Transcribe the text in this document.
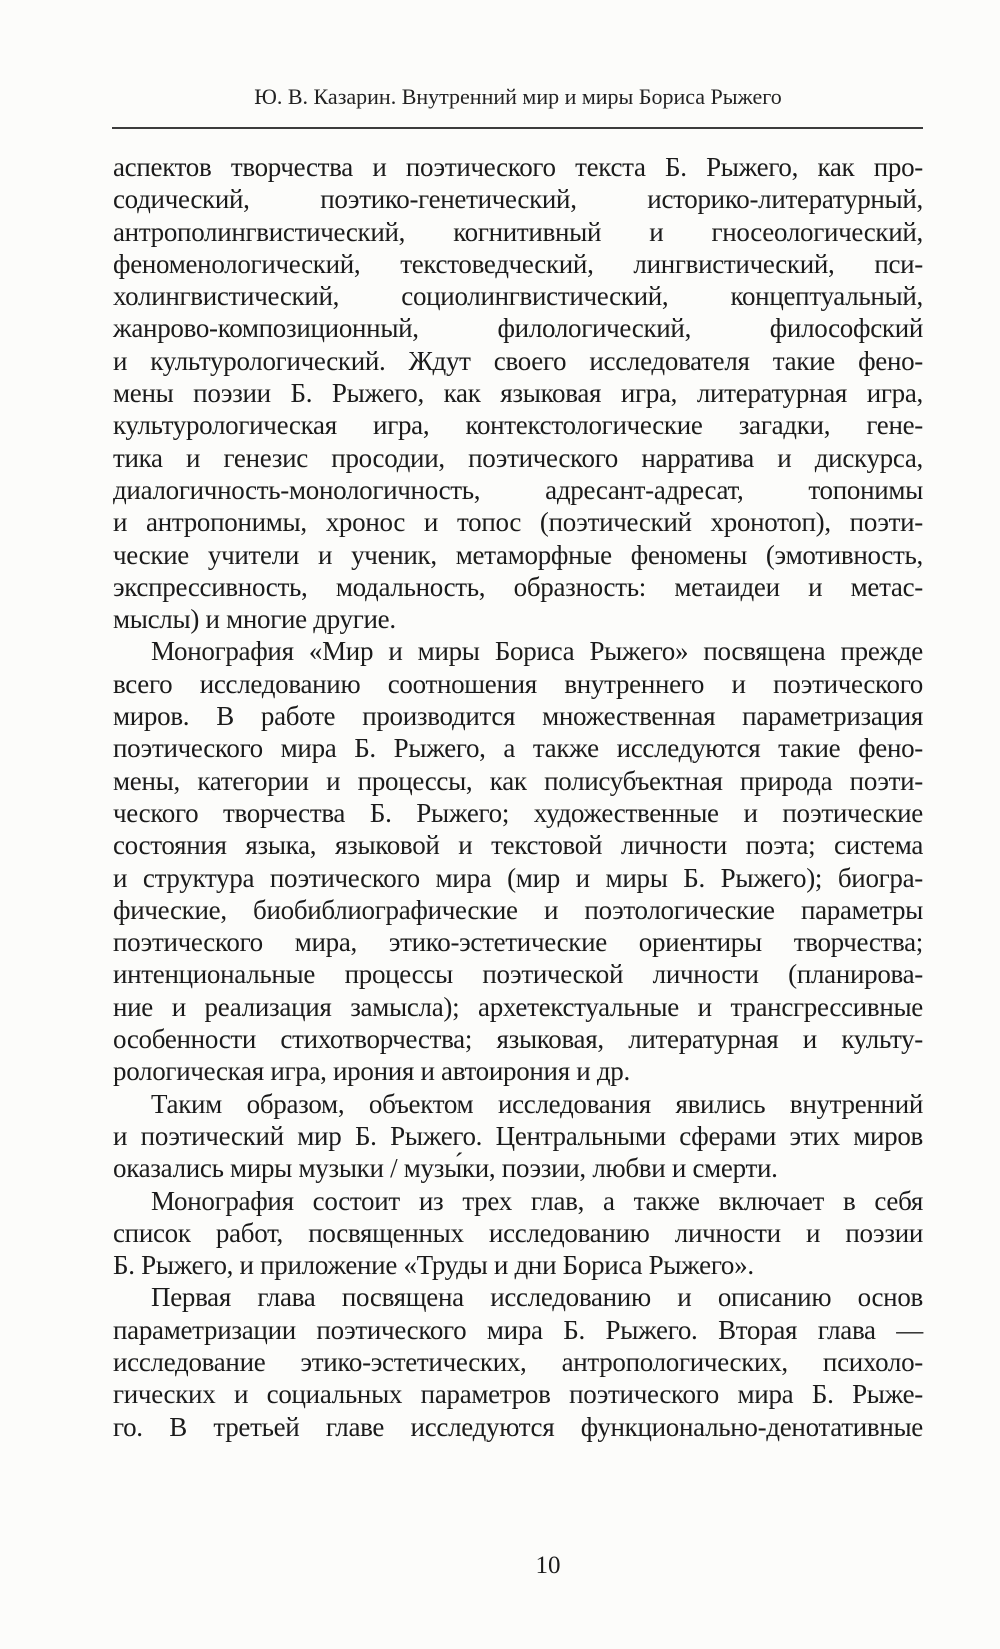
Ю. В. Казарин. Внутренний мир и миры Бориса Рыжего
аспектов творчества и поэтического текста Б. Рыжего, как про-
содический, поэтико-генетический, историко-литературный,
антрополингвистический, когнитивный и гносеологический,
феноменологический, текстоведческий, лингвистический, пси-
холингвистический, социолингвистический, концептуальный,
жанрово-композиционный, филологический, философский
и культурологический. Ждут своего исследователя такие фено-
мены поэзии Б. Рыжего, как языковая игра, литературная игра,
культурологическая игра, контекстологические загадки, гене-
тика и генезис просодии, поэтического нарратива и дискурса,
диалогичность-монологичность, адресант-адресат, топонимы
и антропонимы, хронос и топос (поэтический хронотоп), поэти-
ческие учители и ученик, метаморфные феномены (эмотивность,
экспрессивность, модальность, образность: метаидеи и метас-
мыслы) и многие другие.
Монография «Мир и миры Бориса Рыжего» посвящена прежде
всего исследованию соотношения внутреннего и поэтического
миров. В работе производится множественная параметризация
поэтического мира Б. Рыжего, а также исследуются такие фено-
мены, категории и процессы, как полисубъектная природа поэти-
ческого творчества Б. Рыжего; художественные и поэтические
состояния языка, языковой и текстовой личности поэта; система
и структура поэтического мира (мир и миры Б. Рыжего); биогра-
фические, биобиблиографические и поэтологические параметры
поэтического мира, этико-эстетические ориентиры творчества;
интенциональные процессы поэтической личности (планирова-
ние и реализация замысла); архетекстуальные и трансгрессивные
особенности стихотворчества; языковая, литературная и культу-
рологическая игра, ирония и автоирония и др.
Таким образом, объектом исследования явились внутренний
и поэтический мир Б. Рыжего. Центральными сферами этих миров
оказались миры музыки / музы́ки, поэзии, любви и смерти.
Монография состоит из трех глав, а также включает в себя
список работ, посвященных исследованию личности и поэзии
Б. Рыжего, и приложение «Труды и дни Бориса Рыжего».
Первая глава посвящена исследованию и описанию основ
параметризации поэтического мира Б. Рыжего. Вторая глава —
исследование этико-эстетических, антропологических, психоло-
гических и социальных параметров поэтического мира Б. Рыже-
го. В третьей главе исследуются функционально-денотативные
10
